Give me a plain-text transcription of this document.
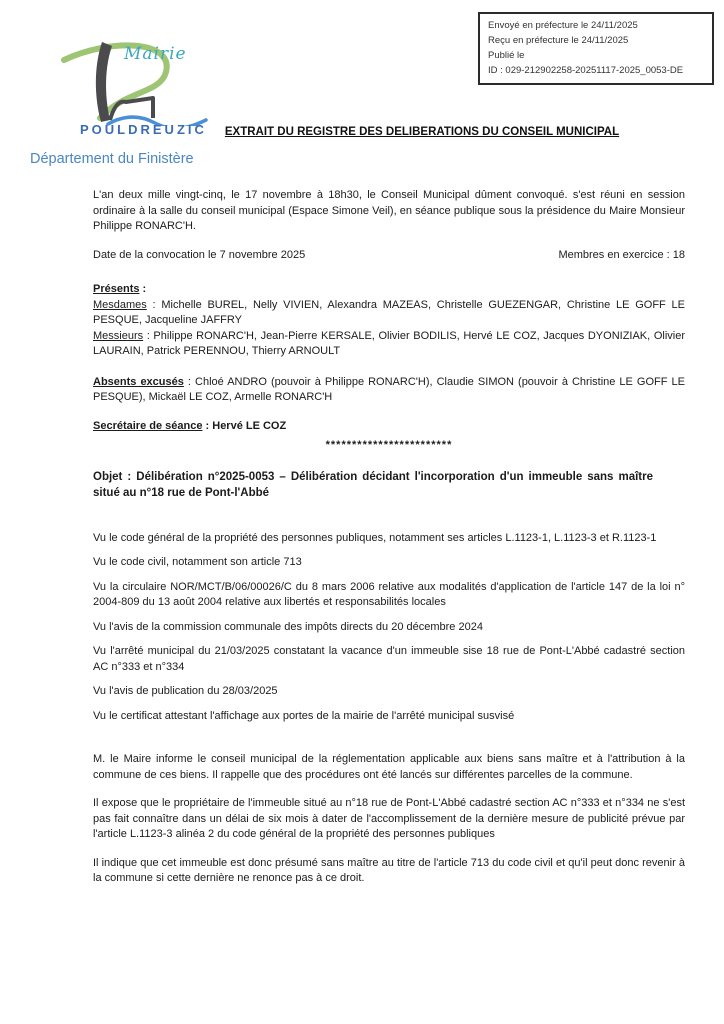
Envoyé en préfecture le 24/11/2025
Reçu en préfecture le 24/11/2025
Publié le
ID : 029-212902258-20251117-2025_0053-DE
Mairie
POULDREUZIC
Département du Finistère
EXTRAIT DU REGISTRE DES DELIBERATIONS DU CONSEIL MUNICIPAL

L'an deux mille vingt-cinq, le 17 novembre à 18h30, le Conseil Municipal dûment convoqué. s'est réuni en session ordinaire à la salle du conseil municipal (Espace Simone Veil), en séance publique sous la présidence du Maire Monsieur Philippe RONARC'H.

Date de la convocation le 7 novembre 2025	Membres en exercice : 18
Présents :
Mesdames : Michelle BUREL, Nelly VIVIEN, Alexandra MAZEAS, Christelle GUEZENGAR, Christine LE GOFF LE PESQUE, Jacqueline JAFFRY
Messieurs : Philippe RONARC'H, Jean-Pierre KERSALE, Olivier BODILIS, Hervé LE COZ, Jacques DYONIZIAK, Olivier LAURAIN, Patrick PERENNOU, Thierry ARNOULT
Absents excusés : Chloé ANDRO (pouvoir à Philippe RONARC'H), Claudie SIMON (pouvoir à Christine LE GOFF LE PESQUE), Mickaël LE COZ, Armelle RONARC'H
Secrétaire de séance : Hervé LE COZ
************************
Objet : Délibération n°2025-0053 – Délibération décidant l'incorporation d'un immeuble sans maître situé au n°18 rue de Pont-l'Abbé

Vu le code général de la propriété des personnes publiques, notamment ses articles L.1123-1, L.1123-3 et R.1123-1

Vu le code civil, notamment son article 713

Vu la circulaire NOR/MCT/B/06/00026/C du 8 mars 2006 relative aux modalités d'application de l'article 147 de la loi n° 2004-809 du 13 août 2004 relative aux libertés et responsabilités locales

Vu l'avis de la commission communale des impôts directs du 20 décembre 2024

Vu l'arrêté municipal du 21/03/2025 constatant la vacance d'un immeuble sise 18 rue de Pont-L'Abbé cadastré section AC n°333 et n°334

Vu l'avis de publication du 28/03/2025

Vu le certificat attestant l'affichage aux portes de la mairie de l'arrêté municipal susvisé

M. le Maire informe le conseil municipal de la réglementation applicable aux biens sans maître et à l'attribution à la commune de ces biens. Il rappelle que des procédures ont été lancés sur différentes parcelles de la commune.

Il expose que le propriétaire de l'immeuble situé au n°18 rue de Pont-L'Abbé cadastré section AC n°333 et n°334 ne s'est pas fait connaître dans un délai de six mois à dater de l'accomplissement de la dernière mesure de publicité prévue par l'article L.1123-3 alinéa 2 du code général de la propriété des personnes publiques

Il indique que cet immeuble est donc présumé sans maître au titre de l'article 713 du code civil et qu'il peut donc revenir à la commune si cette dernière ne renonce pas à ce droit.
